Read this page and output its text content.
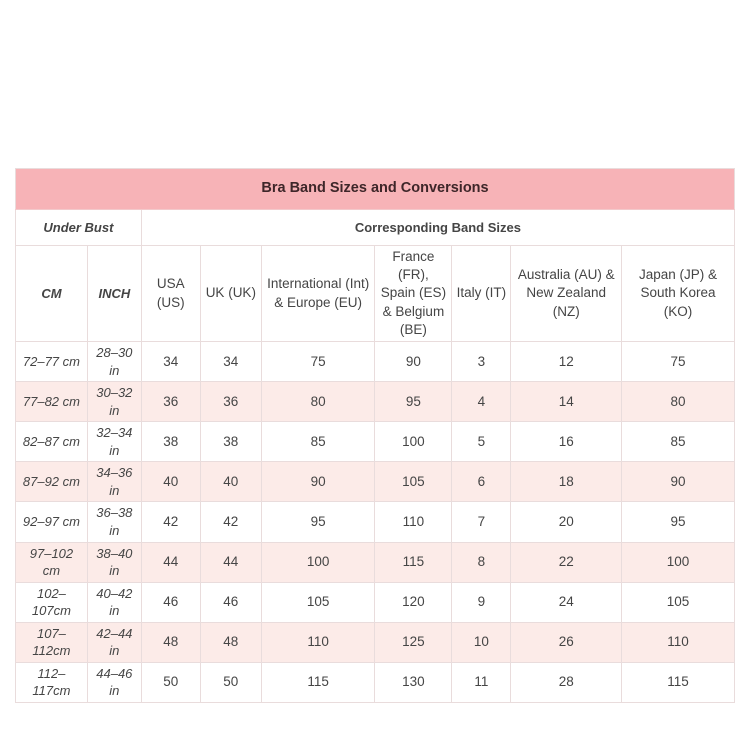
Bra Band Sizes and Conversions								
Under Bust		Corresponding Band Sizes						
CM	INCH	USA (US)	UK (UK)	International (Int) & Europe (EU)	France (FR), Spain (ES) & Belgium (BE)	Italy (IT)	Australia (AU) & New Zealand (NZ)	Japan (JP) & South Korea (KO)
72–77 cm	28–30 in	34	34	75	90	3	12	75
77–82 cm	30–32 in	36	36	80	95	4	14	80
82–87 cm	32–34 in	38	38	85	100	5	16	85
87–92 cm	34–36 in	40	40	90	105	6	18	90
92–97 cm	36–38 in	42	42	95	110	7	20	95
97–102 cm	38–40 in	44	44	100	115	8	22	100
102–107cm	40–42 in	46	46	105	120	9	24	105
107–112cm	42–44 in	48	48	110	125	10	26	110
112–117cm	44–46 in	50	50	115	130	11	28	115
